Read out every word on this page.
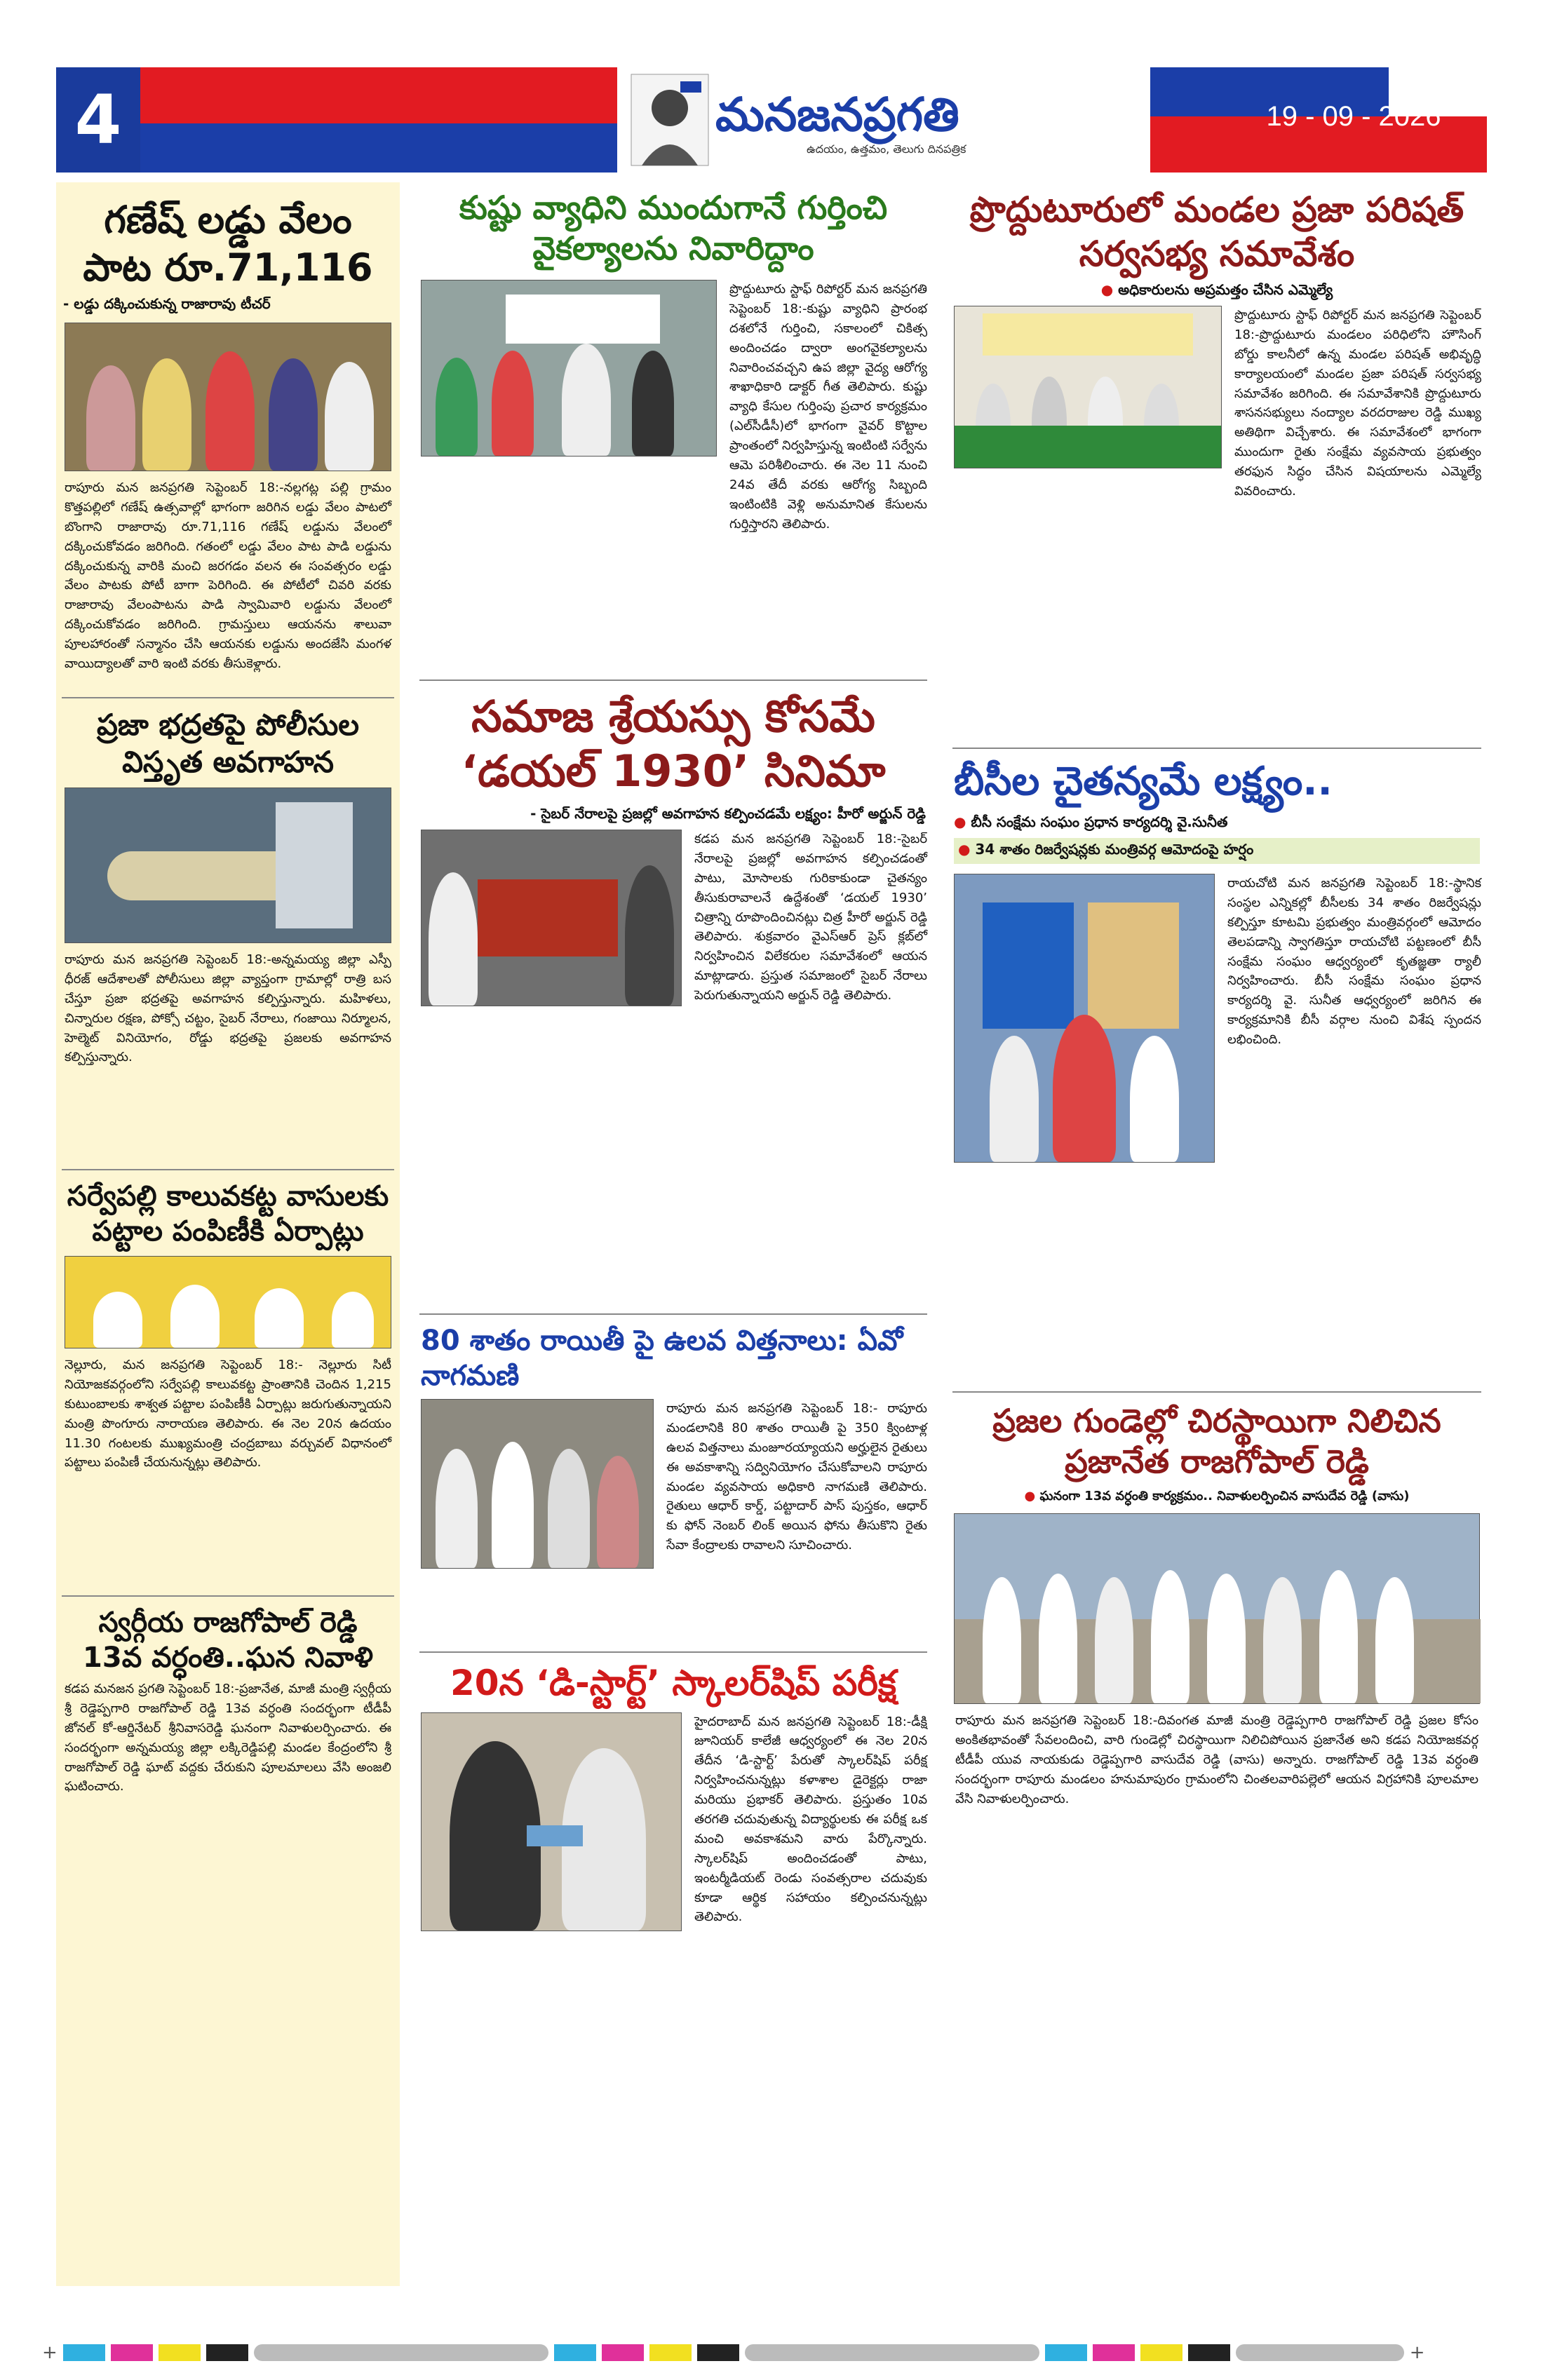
4	మనజనప్రగతి
ఉదయం, ఉత్తమం, తెలుగు దినపత్రిక
19 - 09 - 2026
గణేష్ లడ్డు వేలం పాట రూ.71,116
- లడ్డు దక్కించుకున్న రాజారావు టీచర్
రాపూరు మన జనప్రగతి సెప్టెంబర్ 18:-నల్లగట్ల పల్లి గ్రామం కొత్తపల్లిలో గణేష్ ఉత్సవాల్లో భాగంగా జరిగిన లడ్డు వేలం పాటలో బొంగాని రాజారావు రూ.71,116 గణేష్ లడ్డును వేలంలో దక్కించుకోవడం జరిగింది. గతంలో లడ్డు వేలం పాట పాడి లడ్డును దక్కించుకున్న వారికి మంచి జరగడం వలన ఈ సంవత్సరం లడ్డు వేలం పాటకు పోటీ బాగా పెరిగింది. ఈ పోటీలో చివరి వరకు రాజారావు వేలంపాటను పాడి స్వామివారి లడ్డును వేలంలో దక్కించుకోవడం జరిగింది. గ్రామస్తులు ఆయనను శాలువా పూలహారంతో సన్మానం చేసి ఆయనకు లడ్డును అందజేసి మంగళ వాయిద్యాలతో వారి ఇంటి వరకు తీసుకెళ్లారు.
ప్రజా భద్రతపై పోలీసుల విస్తృత అవగాహన
రాపూరు మన జనప్రగతి సెప్టెంబర్ 18:-అన్నమయ్య జిల్లా ఎస్పీ ధీరజ్ ఆదేశాలతో పోలీసులు జిల్లా వ్యాప్తంగా గ్రామాల్లో రాత్రి బస చేస్తూ ప్రజా భద్రతపై అవగాహన కల్పిస్తున్నారు. మహిళలు, చిన్నారుల రక్షణ, పోక్సో చట్టం, సైబర్ నేరాలు, గంజాయి నిర్మూలన, హెల్మెట్ వినియోగం, రోడ్డు భద్రతపై ప్రజలకు అవగాహన కల్పిస్తున్నారు.
సర్వేపల్లి కాలువకట్ట వాసులకు పట్టాల పంపిణీకి ఏర్పాట్లు
నెల్లూరు, మన జనప్రగతి సెప్టెంబర్ 18:- నెల్లూరు సిటీ నియోజకవర్గంలోని సర్వేపల్లి కాలువకట్ట ప్రాంతానికి చెందిన 1,215 కుటుంబాలకు శాశ్వత పట్టాల పంపిణీకి ఏర్పాట్లు జరుగుతున్నాయని మంత్రి పొంగూరు నారాయణ తెలిపారు. ఈ నెల 20న ఉదయం 11.30 గంటలకు ముఖ్యమంత్రి చంద్రబాబు వర్చువల్ విధానంలో పట్టాలు పంపిణీ చేయనున్నట్లు తెలిపారు.
స్వర్గీయ రాజగోపాల్ రెడ్డి 13వ వర్ధంతి..ఘన నివాళి
కడప మనజన ప్రగతి సెప్టెంబర్ 18:-ప్రజానేత, మాజీ మంత్రి స్వర్గీయ శ్రీ రెడ్డెప్పగారి రాజగోపాల్ రెడ్డి 13వ వర్ధంతి సందర్భంగా టీడీపీ జోనల్ కో-ఆర్డినేటర్ శ్రీనివాసరెడ్డి ఘనంగా నివాళులర్పించారు. ఈ సందర్భంగా అన్నమయ్య జిల్లా లక్కిరెడ్డిపల్లి మండల కేంద్రంలోని శ్రీ రాజగోపాల్ రెడ్డి ఘాట్ వద్దకు చేరుకుని పూలమాలలు వేసి అంజలి ఘటించారు.
కుష్టు వ్యాధిని ముందుగానే గుర్తించి వైకల్యాలను నివారిద్దాం
ప్రొద్దుటూరు స్టాఫ్ రిపోర్టర్ మన జనప్రగతి సెప్టెంబర్ 18:-కుష్టు వ్యాధిని ప్రారంభ దశలోనే గుర్తించి, సకాలంలో చికిత్స అందించడం ద్వారా అంగవైకల్యాలను నివారించవచ్చని ఉప జిల్లా వైద్య ఆరోగ్య శాఖాధికారి డాక్టర్ గీత తెలిపారు. కుష్టు వ్యాధి కేసుల గుర్తింపు ప్రచార కార్యక్రమం (ఎల్‌సీడీసీ)లో భాగంగా వైవర్ కొట్టాల ప్రాంతంలో నిర్వహిస్తున్న ఇంటింటి సర్వేను ఆమె పరిశీలించారు. ఈ నెల 11 నుంచి 24వ తేదీ వరకు ఆరోగ్య సిబ్బంది ఇంటింటికి వెళ్లి అనుమానిత కేసులను గుర్తిస్తారని తెలిపారు.
సమాజ శ్రేయస్సు కోసమే ‘డయల్ 1930’ సినిమా
- సైబర్ నేరాలపై ప్రజల్లో అవగాహన కల్పించడమే లక్ష్యం: హీరో అర్జున్ రెడ్డి
కడప మన జనప్రగతి సెప్టెంబర్ 18:-సైబర్ నేరాలపై ప్రజల్లో అవగాహన కల్పించడంతో పాటు, మోసాలకు గురికాకుండా చైతన్యం తీసుకురావాలనే ఉద్దేశంతో ‘డయల్ 1930’ చిత్రాన్ని రూపొందించినట్లు చిత్ర హీరో అర్జున్ రెడ్డి తెలిపారు. శుక్రవారం వైఎస్ఆర్ ప్రెస్ క్లబ్‌లో నిర్వహించిన విలేకరుల సమావేశంలో ఆయన మాట్లాడారు. ప్రస్తుత సమాజంలో సైబర్ నేరాలు పెరుగుతున్నాయని అర్జున్ రెడ్డి తెలిపారు.
80 శాతం రాయితీ పై ఉలవ విత్తనాలు: ఏవో నాగమణి
రాపూరు మన జనప్రగతి సెప్టెంబర్ 18:- రాపూరు మండలానికి 80 శాతం రాయితీ పై 350 క్వింటాళ్ల ఉలవ విత్తనాలు మంజూరయ్యాయని అర్హులైన రైతులు ఈ అవకాశాన్ని సద్వినియోగం చేసుకోవాలని రాపూరు మండల వ్యవసాయ అధికారి నాగమణి తెలిపారు. రైతులు ఆధార్ కార్డ్, పట్టాదార్ పాస్ పుస్తకం, ఆధార్ కు ఫోన్ నెంబర్ లింక్ అయిన ఫోను తీసుకొని రైతు సేవా కేంద్రాలకు రావాలని సూచించారు.
20న ‘డి-స్టార్ట్’ స్కాలర్‌షిప్ పరీక్ష
హైదరాబాద్ మన జనప్రగతి సెప్టెంబర్ 18:-డీక్షి జూనియర్ కాలేజీ ఆధ్వర్యంలో ఈ నెల 20న తేదీన ‘డి-స్టార్ట్’ పేరుతో స్కాలర్‌షిప్ పరీక్ష నిర్వహించనున్నట్లు కళాశాల డైరెక్టర్లు రాజా మరియు ప్రభాకర్ తెలిపారు. ప్రస్తుతం 10వ తరగతి చదువుతున్న విద్యార్థులకు ఈ పరీక్ష ఒక మంచి అవకాశమని వారు పేర్కొన్నారు. స్కాలర్‌షిప్ అందించడంతో పాటు, ఇంటర్మీడియట్ రెండు సంవత్సరాల చదువుకు కూడా ఆర్థిక సహాయం కల్పించనున్నట్లు తెలిపారు.
ప్రొద్దుటూరులో మండల ప్రజా పరిషత్ సర్వసభ్య సమావేశం
● అధికారులను అప్రమత్తం చేసిన ఎమ్మెల్యే
ప్రొద్దుటూరు స్టాఫ్ రిపోర్టర్ మన జనప్రగతి సెప్టెంబర్ 18:-ప్రొద్దుటూరు మండలం పరిధిలోని హౌసింగ్ బోర్డు కాలనీలో ఉన్న మండల పరిషత్ అభివృద్ధి కార్యాలయంలో మండల ప్రజా పరిషత్ సర్వసభ్య సమావేశం జరిగింది. ఈ సమావేశానికి ప్రొద్దుటూరు శాసనసభ్యులు నంద్యాల వరదరాజుల రెడ్డి ముఖ్య అతిథిగా విచ్చేశారు. ఈ సమావేశంలో భాగంగా ముందుగా రైతు సంక్షేమ వ్యవసాయ ప్రభుత్వం తరఫున సిద్ధం చేసిన విషయాలను ఎమ్మెల్యే వివరించారు.
బీసీల చైతన్యమే లక్ష్యం..
● బీసీ సంక్షేమ సంఘం ప్రధాన కార్యదర్శి వై.సునీత
● 34 శాతం రిజర్వేషన్లకు మంత్రివర్గ ఆమోదంపై హర్షం
రాయచోటి మన జనప్రగతి సెప్టెంబర్ 18:-స్థానిక సంస్థల ఎన్నికల్లో బీసీలకు 34 శాతం రిజర్వేషన్లు కల్పిస్తూ కూటమి ప్రభుత్వం మంత్రివర్గంలో ఆమోదం తెలపడాన్ని స్వాగతిస్తూ రాయచోటి పట్టణంలో బీసీ సంక్షేమ సంఘం ఆధ్వర్యంలో కృతజ్ఞతా ర్యాలీ నిర్వహించారు. బీసీ సంక్షేమ సంఘం ప్రధాన కార్యదర్శి వై. సునీత ఆధ్వర్యంలో జరిగిన ఈ కార్యక్రమానికి బీసీ వర్గాల నుంచి విశేష స్పందన లభించింది.
ప్రజల గుండెల్లో చిరస్థాయిగా నిలిచిన ప్రజానేత రాజగోపాల్ రెడ్డి
● ఘనంగా 13వ వర్ధంతి కార్యక్రమం.. నివాళులర్పించిన వాసుదేవ రెడ్డి (వాసు)
రాపూరు మన జనప్రగతి సెప్టెంబర్ 18:-దివంగత మాజీ మంత్రి రెడ్డెప్పగారి రాజగోపాల్ రెడ్డి ప్రజల కోసం అంకితభావంతో సేవలందించి, వారి గుండెల్లో చిరస్థాయిగా నిలిచిపోయిన ప్రజానేత అని కడప నియోజకవర్గ టీడీపీ యువ నాయకుడు రెడ్డెప్పగారి వాసుదేవ రెడ్డి (వాసు) అన్నారు. రాజగోపాల్ రెడ్డి 13వ వర్ధంతి సందర్భంగా రాపూరు మండలం హనుమాపురం గ్రామంలోని చింతలవారిపల్లెలో ఆయన విగ్రహానికి పూలమాల వేసి నివాళులర్పించారు.
+	+
